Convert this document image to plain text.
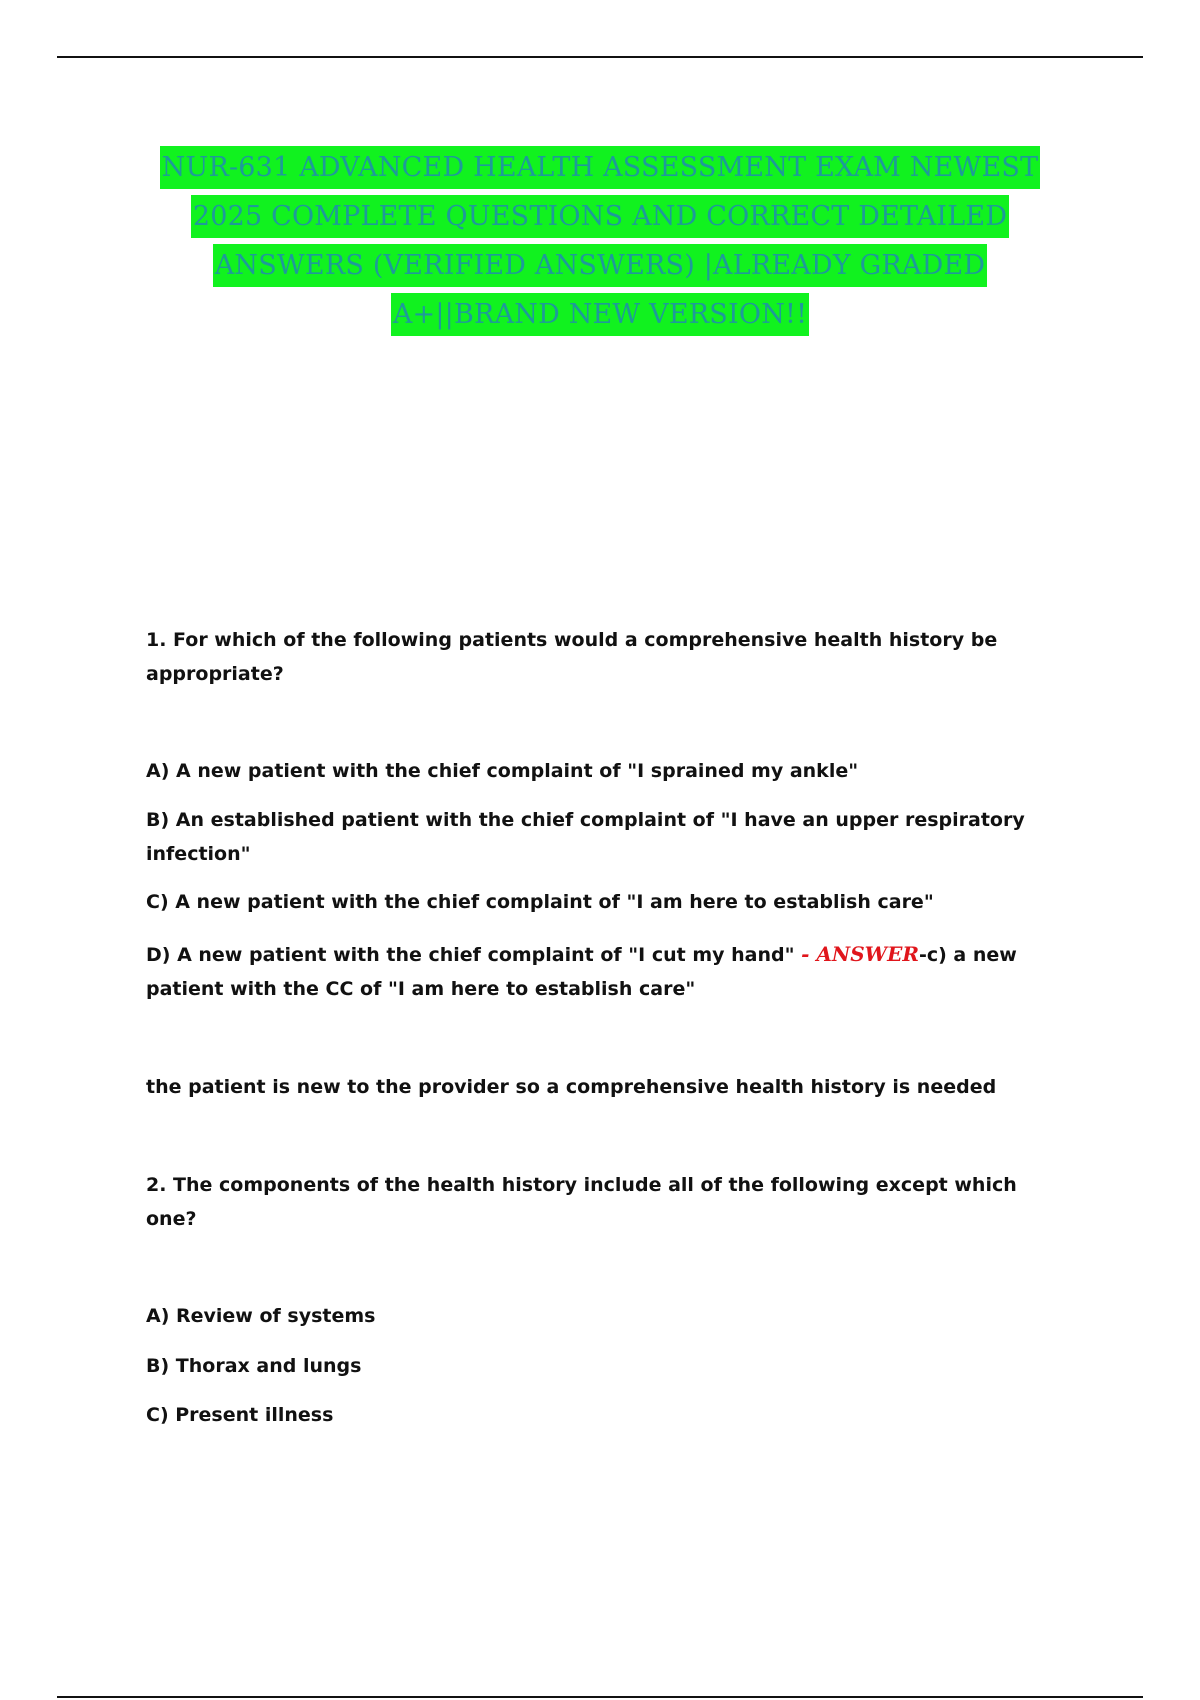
NUR-631 ADVANCED HEALTH ASSESSMENT EXAM NEWEST
2025 COMPLETE QUESTIONS AND CORRECT DETAILED
ANSWERS (VERIFIED ANSWERS) |ALREADY GRADED
A+||BRAND NEW VERSION!!
1. For which of the following patients would a comprehensive health history be appropriate?
A) A new patient with the chief complaint of "I sprained my ankle"
B) An established patient with the chief complaint of "I have an upper respiratory infection"
C) A new patient with the chief complaint of "I am here to establish care"
D) A new patient with the chief complaint of "I cut my hand" - ANSWER-c) a new patient with the CC of "I am here to establish care"
the patient is new to the provider so a comprehensive health history is needed
2. The components of the health history include all of the following except which one?
A) Review of systems
B) Thorax and lungs
C) Present illness
